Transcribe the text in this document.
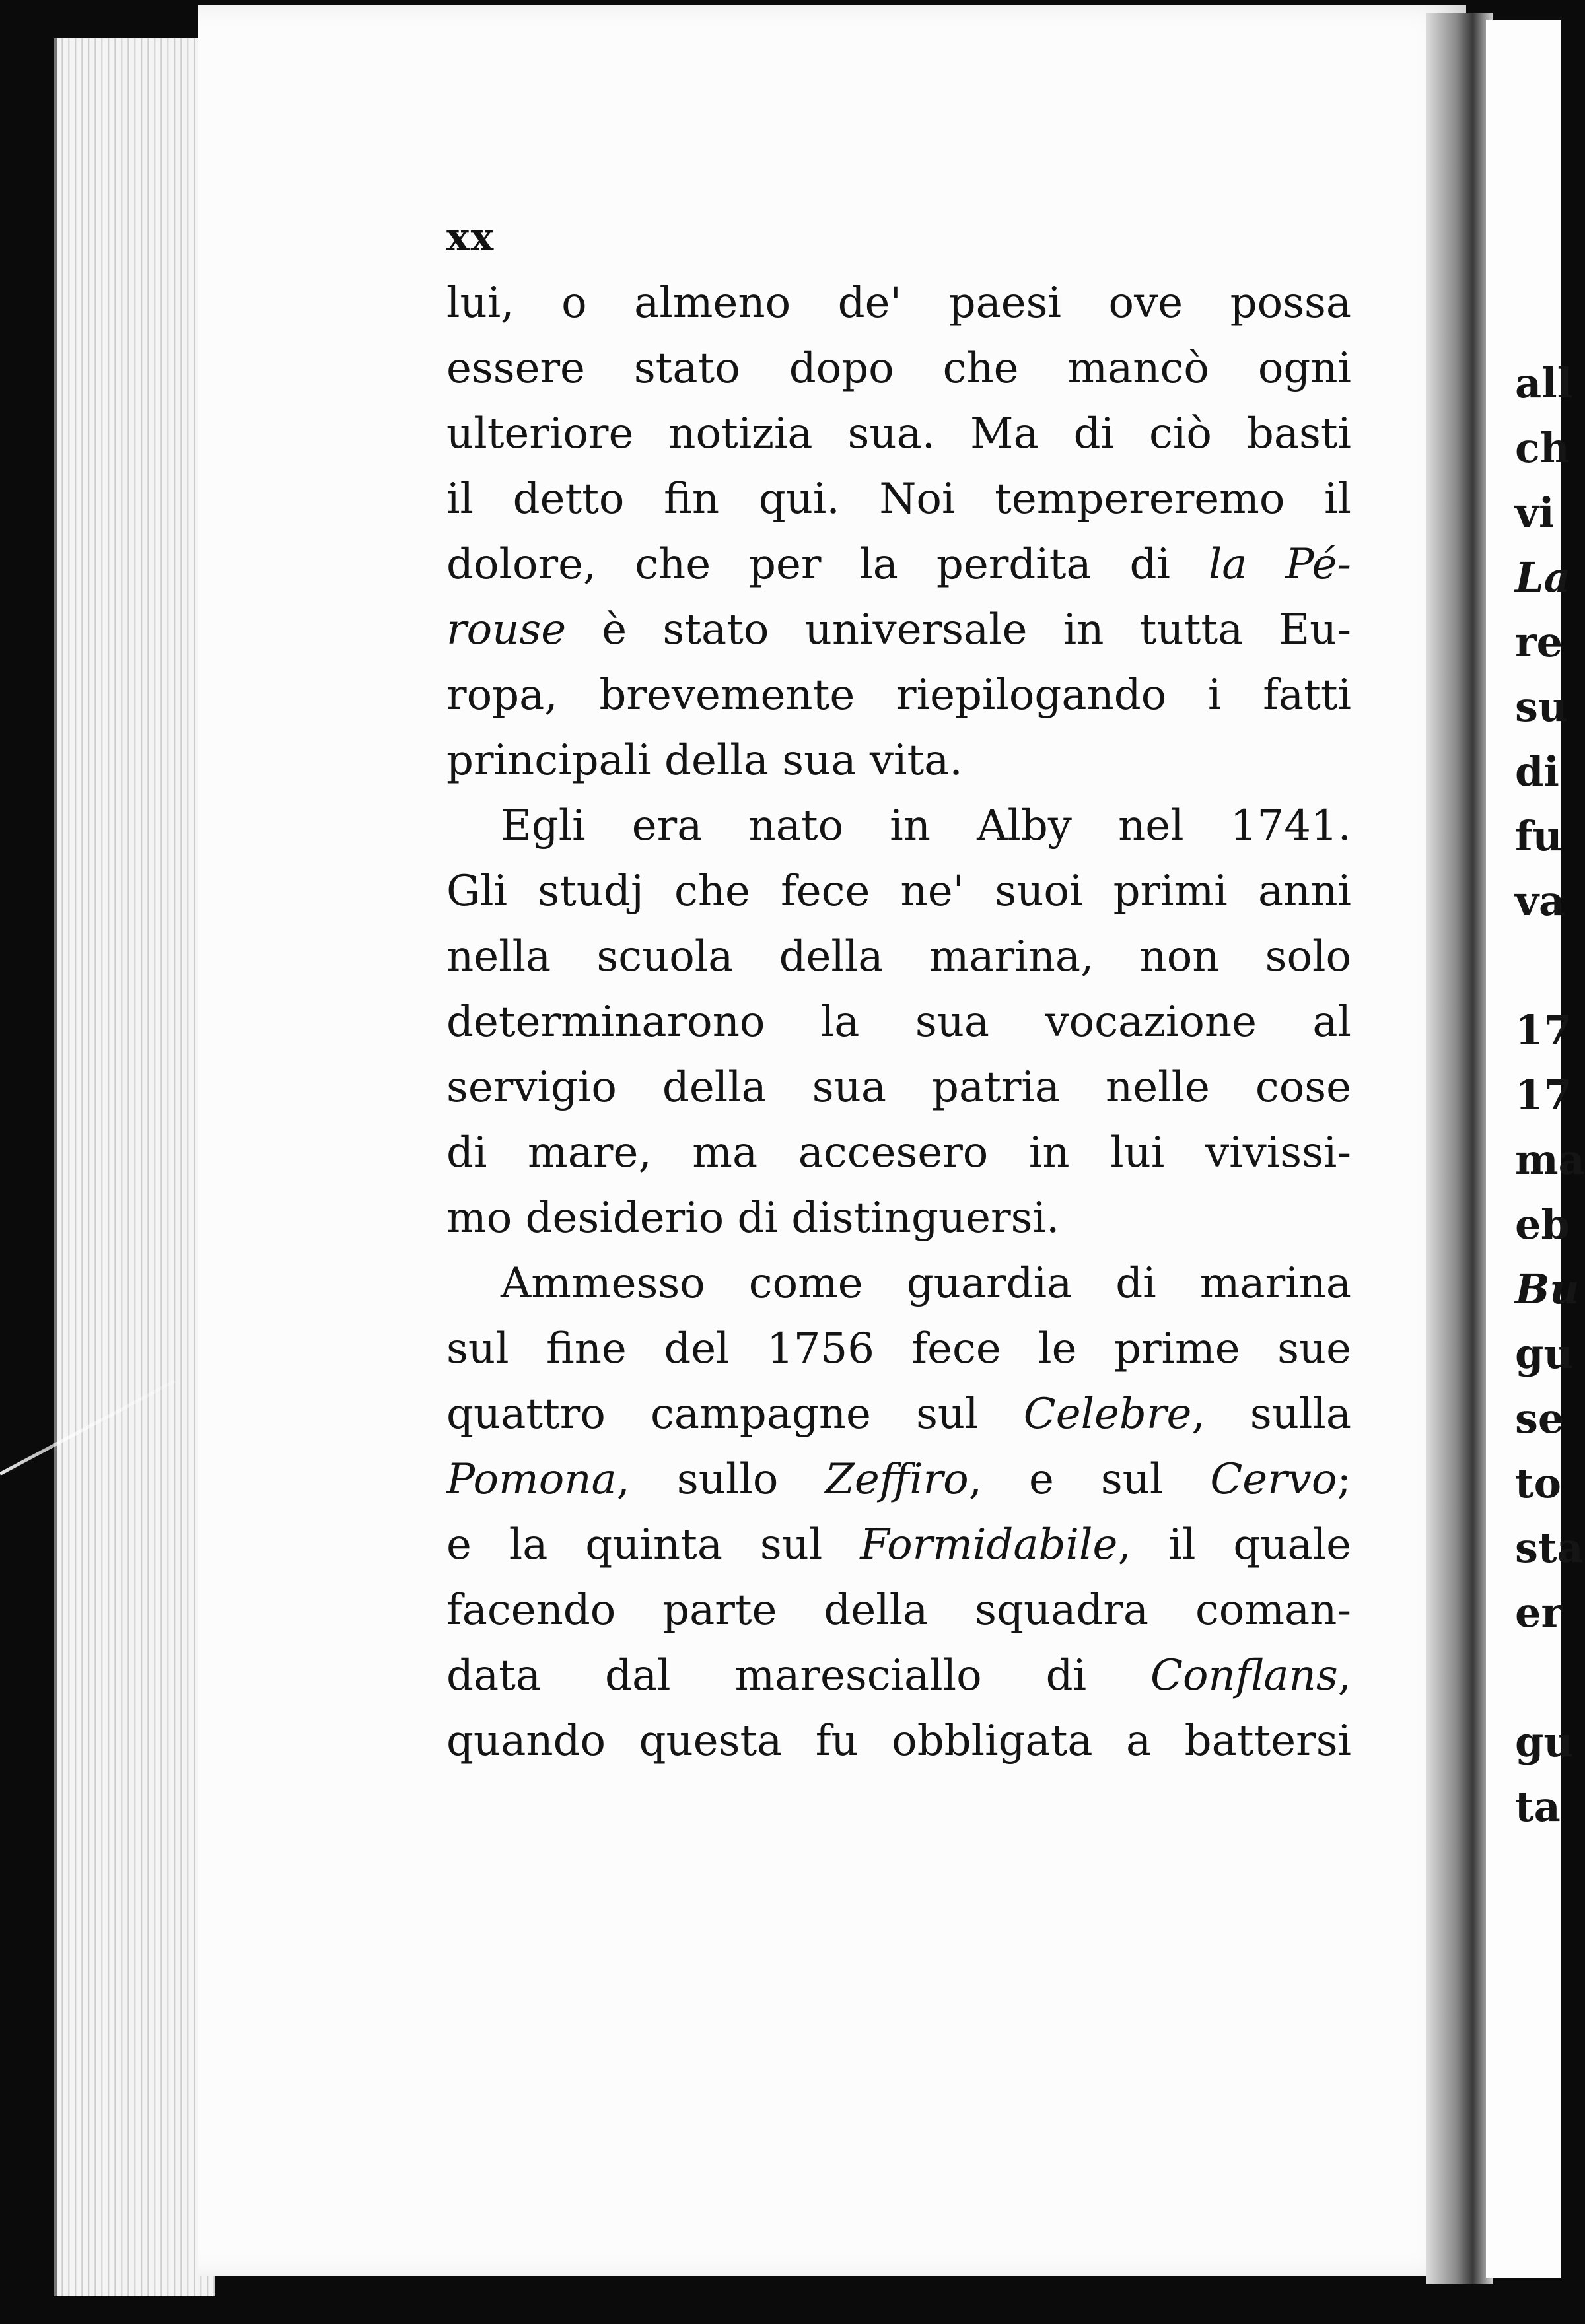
all
ch
vi
La
re
su
di
fu
va
17
17
ma
eb
Bu
gu
se
to
sta
er
gu
ta
xx
lui, o almeno de' paesi ove possa
essere stato dopo che mancò ogni
ulteriore notizia sua. Ma di ciò basti
il detto fin qui. Noi tempereremo il
dolore, che per la perdita di la Pé-
rouse è stato universale in tutta Eu-
ropa, brevemente riepilogando i fatti
principali della sua vita.
Egli era nato in Alby nel 1741.
Gli studj che fece ne' suoi primi anni
nella scuola della marina, non solo
determinarono la sua vocazione al
servigio della sua patria nelle cose
di mare, ma accesero in lui vivissi-
mo desiderio di distinguersi.
Ammesso come guardia di marina
sul fine del 1756 fece le prime sue
quattro campagne sul Celebre, sulla
Pomona, sullo Zeffiro, e sul Cervo;
e la quinta sul Formidabile, il quale
facendo parte della squadra coman-
data dal maresciallo di Conflans,
quando questa fu obbligata a battersi
